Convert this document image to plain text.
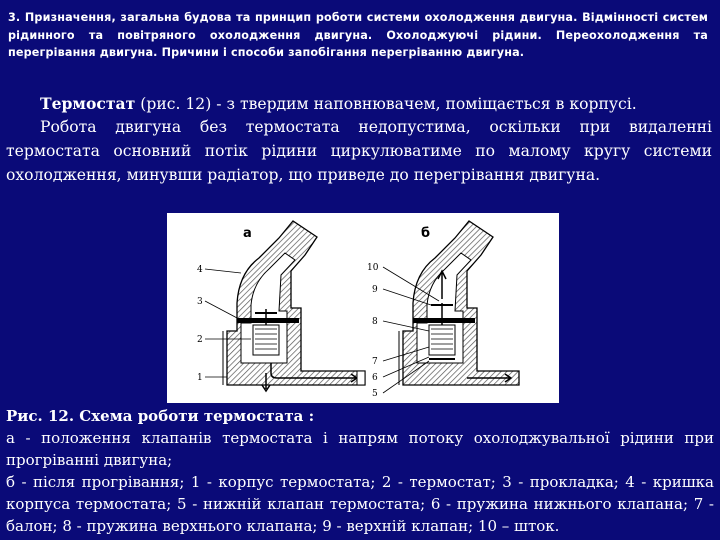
3. Призначення, загальна будова та принцип роботи системи охолодження двигуна. Відмінності систем рідинного та повітряного охолодження двигуна. Охолоджуючі рідини. Переохолодження та перегрівання двигуна. Причини і способи запобігання перегріванню двигуна.
Термостат (рис. 12) - з твердим наповнювачем, поміщається в корпусі.
Робота двигуна без термостата недопустима, оскільки при видаленні термостата основний потік рідини циркулюватиме по малому кругу системи охолодження, минувши радіатор, що приведе до перегрівання двигуна.
4
3
2
1
а
10
9
8
7
6
5
б
Рис. 12. Схема роботи термостата :
а - положення клапанів термостата і напрям потоку охолоджувальної рідини при прогріванні двигуна;
б - після прогрівання; 1 - корпус термостата; 2 - термостат; 3 - прокладка; 4 - кришка корпуса термостата; 5 - нижній клапан термостата; 6 - пружина нижнього клапана; 7 - балон; 8 - пружина верхнього клапана; 9 - верхній клапан; 10 – шток.
